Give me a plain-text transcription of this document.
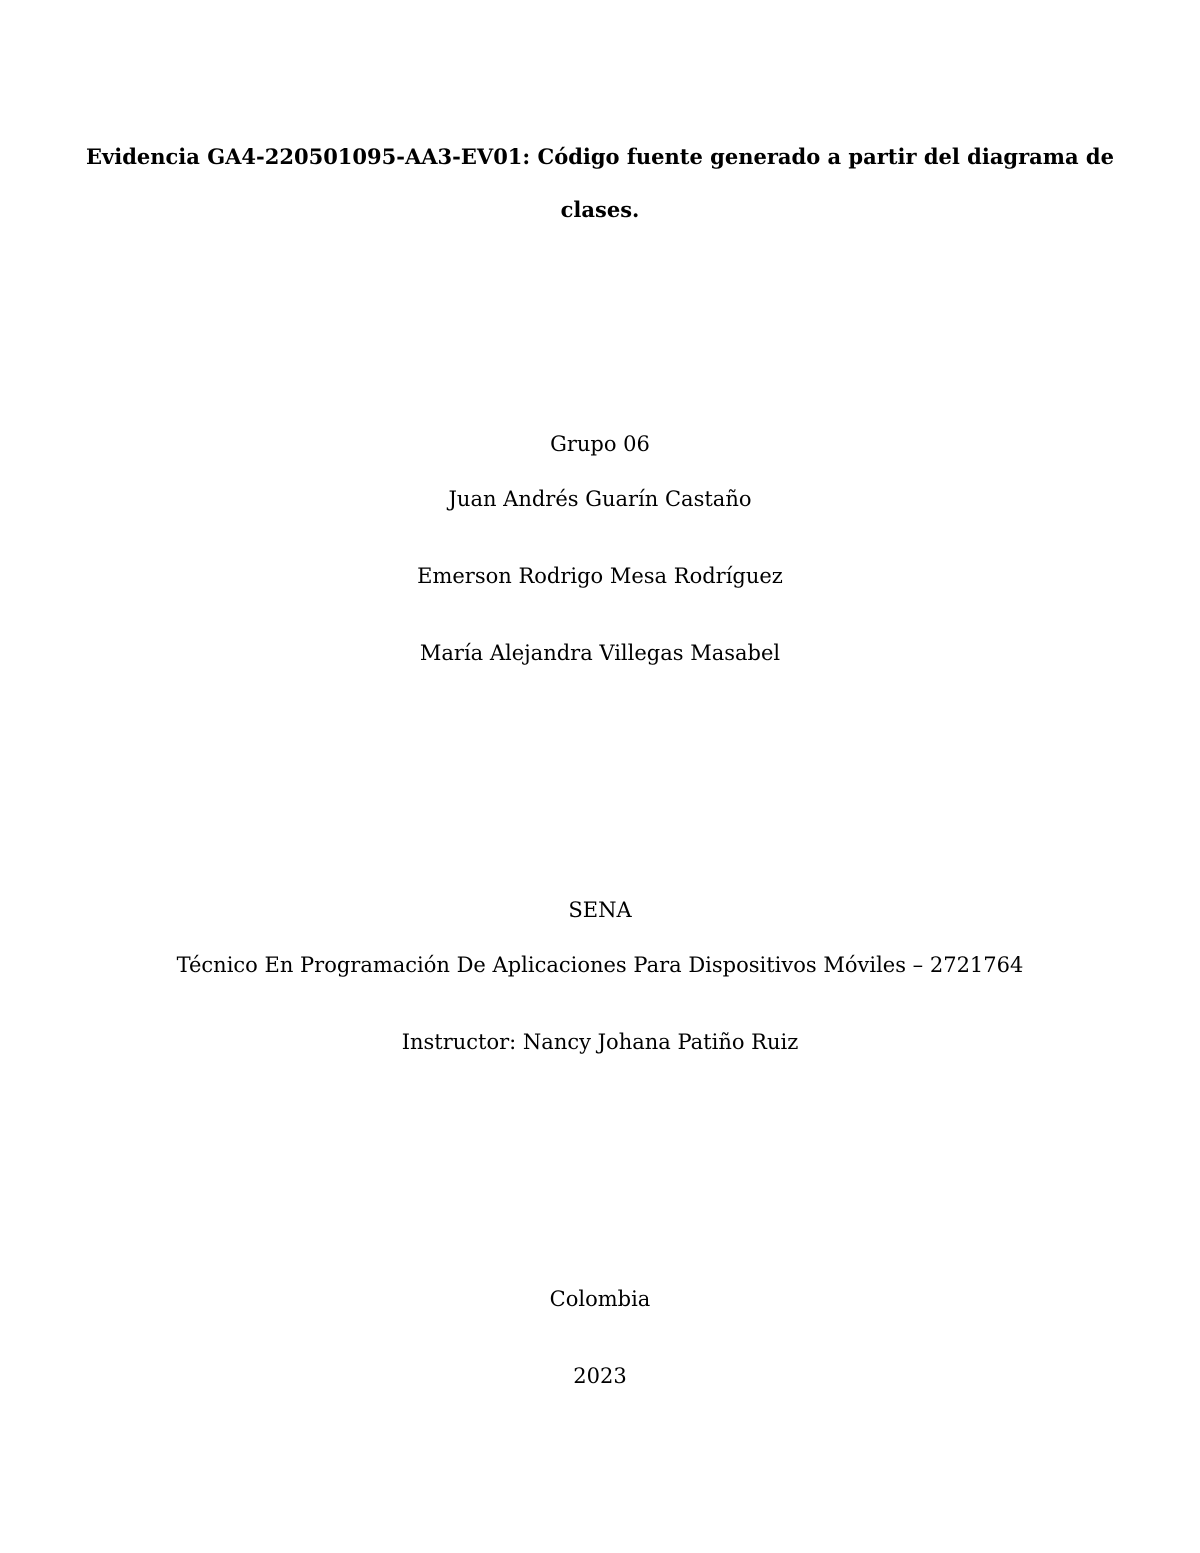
Evidencia GA4-220501095-AA3-EV01: Código fuente generado a partir del diagrama de
clases.
Grupo 06
Juan Andrés Guarín Castaño
Emerson Rodrigo Mesa Rodríguez
María Alejandra Villegas Masabel
SENA
Técnico En Programación De Aplicaciones Para Dispositivos Móviles – 2721764
Instructor: Nancy Johana Patiño Ruiz
Colombia
2023
